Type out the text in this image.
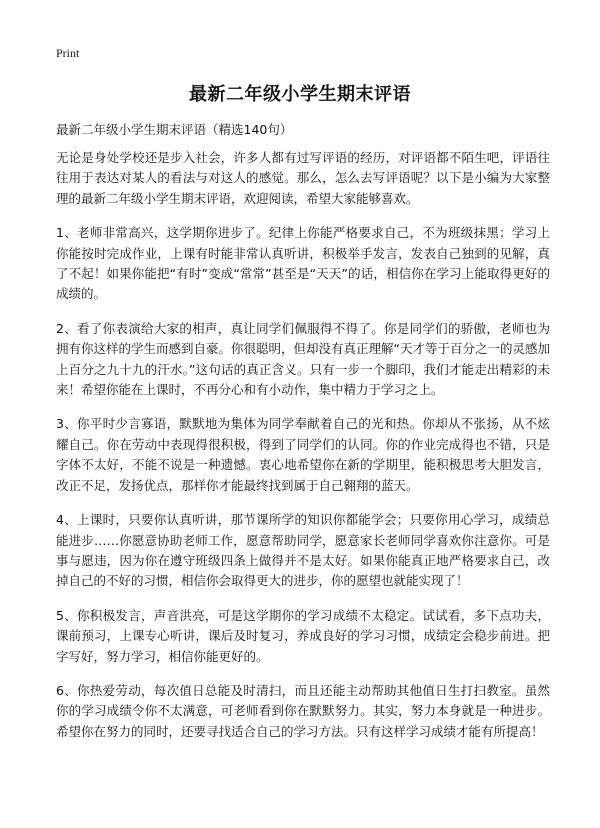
Print
最新二年级小学生期末评语

最新二年级小学生期末评语（精选140句）

无论是身处学校还是步入社会，许多人都有过写评语的经历，对评语都不陌生吧，评语往往用于表达对某人的看法与对这人的感觉。那么，怎么去写评语呢？以下是小编为大家整理的最新二年级小学生期末评语，欢迎阅读，希望大家能够喜欢。

1、老师非常高兴，这学期你进步了。纪律上你能严格要求自己，不为班级抹黑；学习上你能按时完成作业，上课有时能非常认真听讲，积极举手发言，发表自己独到的见解，真了不起！如果你能把“有时”变成“常常”甚至是“天天”的话，相信你在学习上能取得更好的成绩的。

2、看了你表演给大家的相声，真让同学们佩服得不得了。你是同学们的骄傲，老师也为拥有你这样的学生而感到自豪。你很聪明，但却没有真正理解“天才等于百分之一的灵感加上百分之九十九的汗水。”这句话的真正含义。只有一步一个脚印，我们才能走出精彩的未来！希望你能在上课时，不再分心和有小动作，集中精力于学习之上。

3、你平时少言寡语，默默地为集体为同学奉献着自己的光和热。你却从不张扬，从不炫耀自己。你在劳动中表现得很积极，得到了同学们的认同。你的作业完成得也不错，只是字体不太好，不能不说是一种遗憾。衷心地希望你在新的学期里，能积极思考大胆发言，改正不足，发扬优点，那样你才能最终找到属于自己翱翔的蓝天。

4、上课时，只要你认真听讲，那节课所学的知识你都能学会；只要你用心学习，成绩总能进步……你愿意协助老师工作，愿意帮助同学，愿意家长老师同学喜欢你注意你。可是事与愿违，因为你在遵守班级四条上做得并不是太好。如果你能真正地严格要求自己，改掉自己的不好的习惯，相信你会取得更大的进步，你的愿望也就能实现了！

5、你积极发言，声音洪亮，可是这学期你的学习成绩不太稳定。试试看，多下点功夫，课前预习，上课专心听讲，课后及时复习，养成良好的学习习惯，成绩定会稳步前进。把字写好，努力学习，相信你能更好的。

6、你热爱劳动，每次值日总能及时清扫，而且还能主动帮助其他值日生打扫教室。虽然你的学习成绩令你不太满意，可老师看到你在默默努力。其实，努力本身就是一种进步。希望你在努力的同时，还要寻找适合自己的学习方法。只有这样学习成绩才能有所提高！
